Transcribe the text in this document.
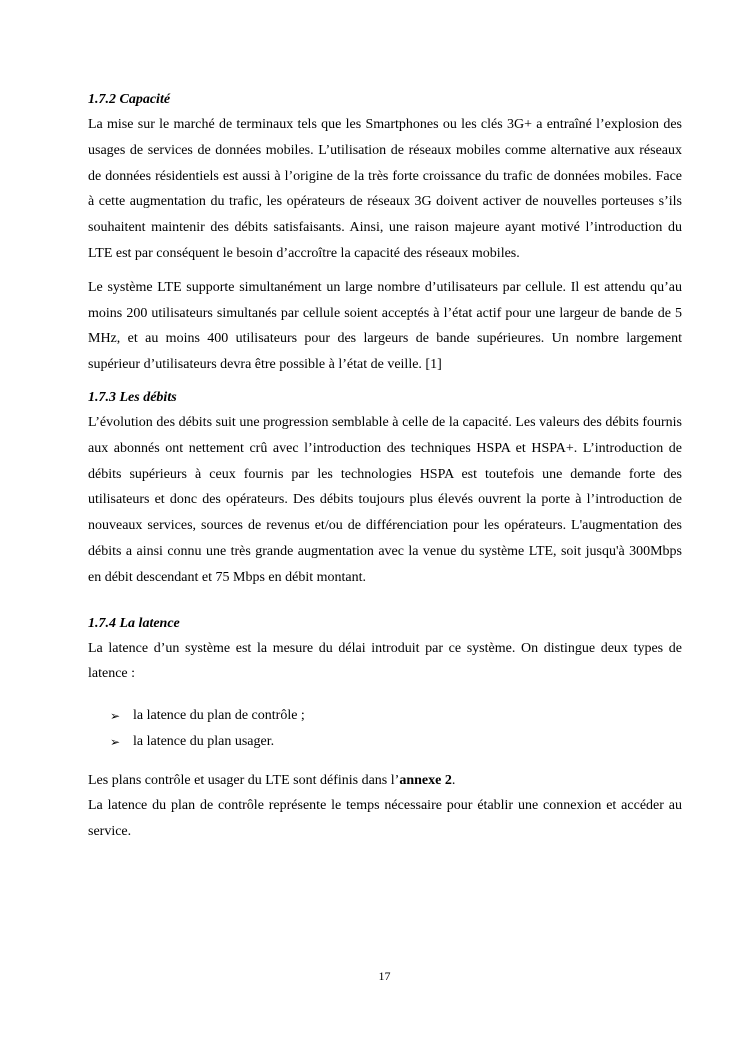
1.7.2 Capacité

La mise sur le marché de terminaux tels que les Smartphones ou les clés 3G+ a entraîné l’explosion des usages de services de données mobiles. L’utilisation de réseaux mobiles comme alternative aux réseaux de données résidentiels est aussi à l’origine de la très forte croissance du trafic de données mobiles. Face à cette augmentation du trafic, les opérateurs de réseaux 3G doivent activer de nouvelles porteuses s’ils souhaitent maintenir des débits satisfaisants. Ainsi, une raison majeure ayant motivé l’introduction du LTE est par conséquent le besoin d’accroître la capacité des réseaux mobiles.

Le système LTE supporte simultanément un large nombre d’utilisateurs par cellule. Il est attendu qu’au moins 200 utilisateurs simultanés par cellule soient acceptés à l’état actif pour une largeur de bande de 5 MHz, et au moins 400 utilisateurs pour des largeurs de bande supérieures. Un nombre largement supérieur d’utilisateurs devra être possible à l’état de veille. [1]

1.7.3 Les débits

L’évolution des débits suit une progression semblable à celle de la capacité. Les valeurs des débits fournis aux abonnés ont nettement crû avec l’introduction des techniques HSPA et HSPA+. L’introduction de débits supérieurs à ceux fournis par les technologies HSPA est toutefois une demande forte des utilisateurs et donc des opérateurs. Des débits toujours plus élevés ouvrent la porte à l’introduction de nouveaux services, sources de revenus et/ou de différenciation pour les opérateurs. L'augmentation des débits a ainsi connu une très grande augmentation avec la venue du système LTE, soit jusqu'à 300Mbps en débit descendant et 75 Mbps en débit montant.

1.7.4 La latence

La latence d’un système est la mesure du délai introduit par ce système. On distingue deux types de latence :

➢ la latence du plan de contrôle ;
➢ la latence du plan usager.

Les plans contrôle et usager du LTE sont définis dans l’annexe 2.

La latence du plan de contrôle représente le temps nécessaire pour établir une connexion et accéder au service.

17
